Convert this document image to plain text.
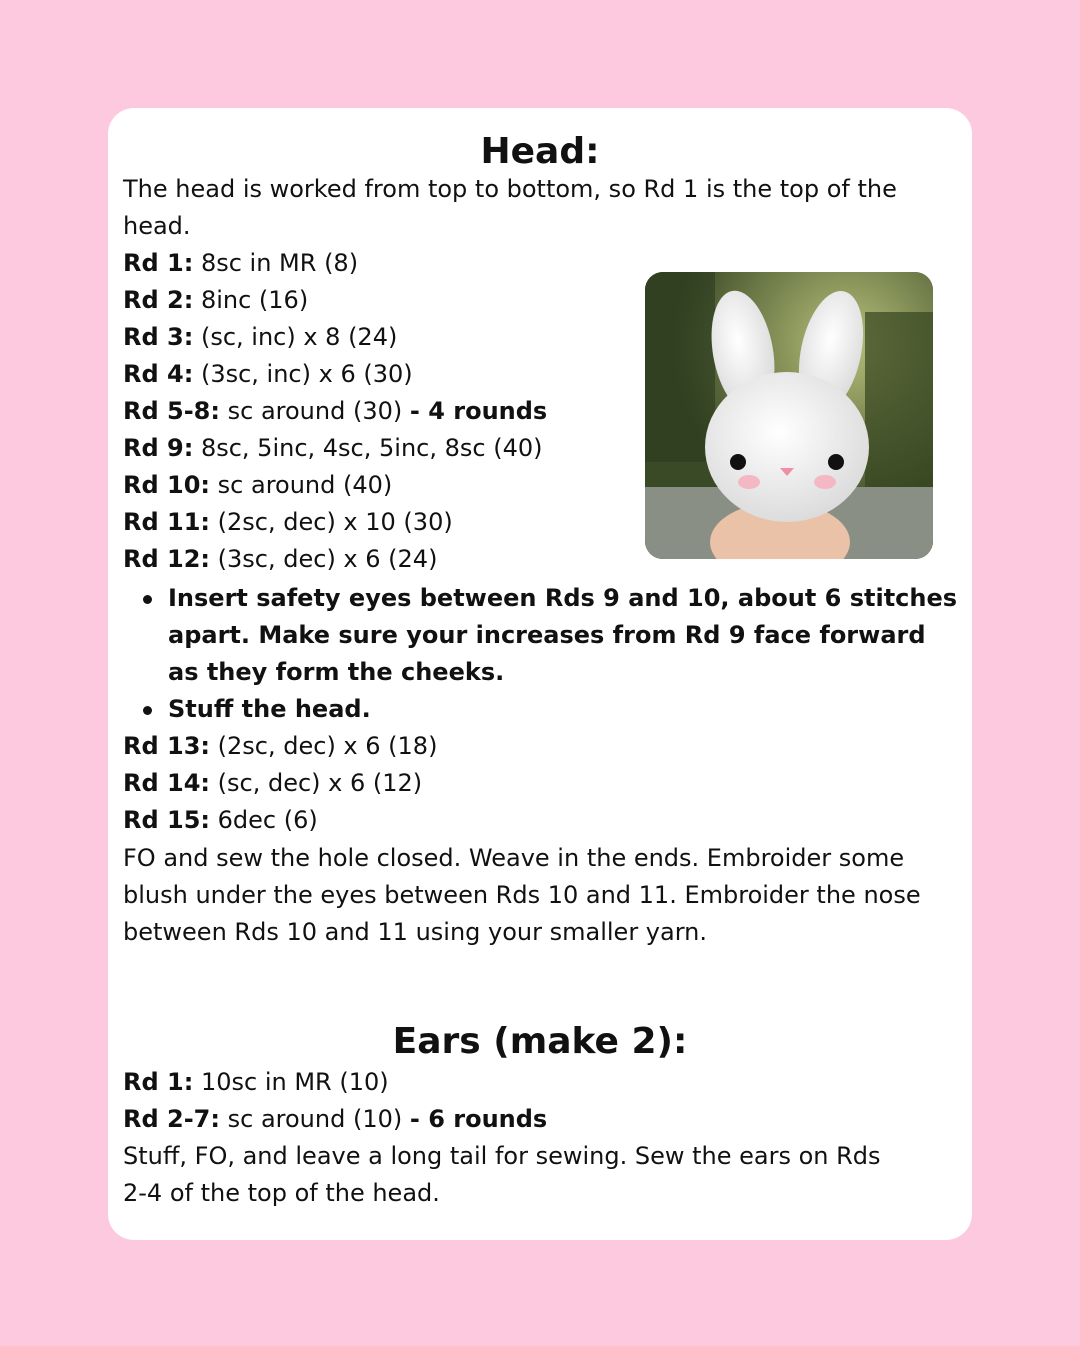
Head:
The head is worked from top to bottom, so Rd 1 is the top of the
head.
Rd 1: 8sc in MR (8)
Rd 2: 8inc (16)
Rd 3: (sc, inc) x 8 (24)
Rd 4: (3sc, inc) x 6 (30)
Rd 5-8: sc around (30) - 4 rounds
Rd 9: 8sc, 5inc, 4sc, 5inc, 8sc (40)
Rd 10: sc around (40)
Rd 11: (2sc, dec) x 10 (30)
Rd 12: (3sc, dec) x 6 (24)
Insert safety eyes between Rds 9 and 10, about 6 stitches
apart. Make sure your increases from Rd 9 face forward
as they form the cheeks.
Stuff the head.
Rd 13: (2sc, dec) x 6 (18)
Rd 14: (sc, dec) x 6 (12)
Rd 15: 6dec (6)
FO and sew the hole closed. Weave in the ends. Embroider some
blush under the eyes between Rds 10 and 11. Embroider the nose
between Rds 10 and 11 using your smaller yarn.
Ears (make 2):
Rd 1: 10sc in MR (10)
Rd 2-7: sc around (10) - 6 rounds
Stuff, FO, and leave a long tail for sewing. Sew the ears on Rds
2-4 of the top of the head.
